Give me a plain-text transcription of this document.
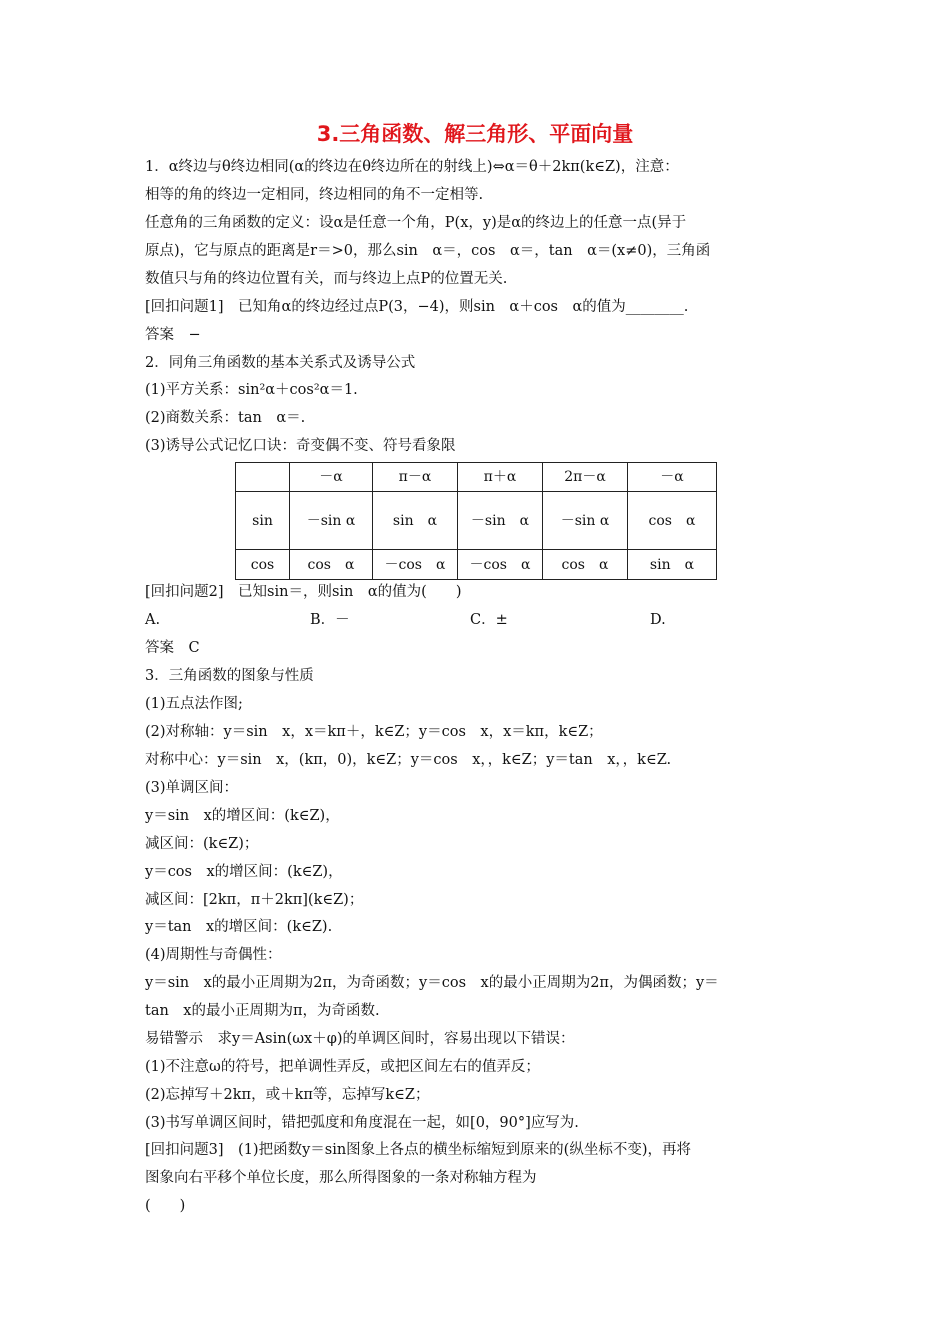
3.三角函数、解三角形、平面向量
1．α终边与θ终边相同(α的终边在θ终边所在的射线上)⇔α＝θ＋2kπ(k∈Z)，注意：
相等的角的终边一定相同，终边相同的角不一定相等.
任意角的三角函数的定义：设α是任意一个角，P(x，y)是α的终边上的任意一点(异于
原点)，它与原点的距离是r＝>0，那么sin　α＝，cos　α＝，tan　α＝(x≠0)，三角函
数值只与角的终边位置有关，而与终边上点P的位置无关.
[回扣问题1]　已知角α的终边经过点P(3，−4)，则sin　α＋cos　α的值为________.
答案　−
2．同角三角函数的基本关系式及诱导公式
(1)平方关系：sin²α＋cos²α＝1.
(2)商数关系：tan　α＝.
(3)诱导公式记忆口诀：奇变偶不变、符号看象限
	－α	π－α	π＋α	2π－α	－α
sin	－sin α	sin　α	－sin　α	－sin α	cos　α
cos	cos　α	－cos　α	－cos　α	cos　α	sin　α
[回扣问题2]　已知sin＝，则sin　α的值为(　　)
A.	B．－	C．±	D.
答案　C
3．三角函数的图象与性质
(1)五点法作图;
(2)对称轴：y＝sin　x，x＝kπ＋，k∈Z；y＝cos　x，x＝kπ，k∈Z；
对称中心：y＝sin　x，(kπ，0)，k∈Z；y＝cos　x，，k∈Z；y＝tan　x，，k∈Z.
(3)单调区间：
y＝sin　x的增区间：(k∈Z)，
减区间：(k∈Z)；
y＝cos　x的增区间：(k∈Z)，
减区间：[2kπ，π＋2kπ](k∈Z)；
y＝tan　x的增区间：(k∈Z).
(4)周期性与奇偶性：
y＝sin　x的最小正周期为2π，为奇函数；y＝cos　x的最小正周期为2π，为偶函数；y＝
tan　x的最小正周期为π，为奇函数.
易错警示　求y＝Asin(ωx＋φ)的单调区间时，容易出现以下错误：
(1)不注意ω的符号，把单调性弄反，或把区间左右的值弄反；
(2)忘掉写＋2kπ，或＋kπ等，忘掉写k∈Z；
(3)书写单调区间时，错把弧度和角度混在一起，如[0，90°]应写为.
[回扣问题3]　(1)把函数y＝sin图象上各点的横坐标缩短到原来的(纵坐标不变)，再将
图象向右平移个单位长度，那么所得图象的一条对称轴方程为
(　　)
